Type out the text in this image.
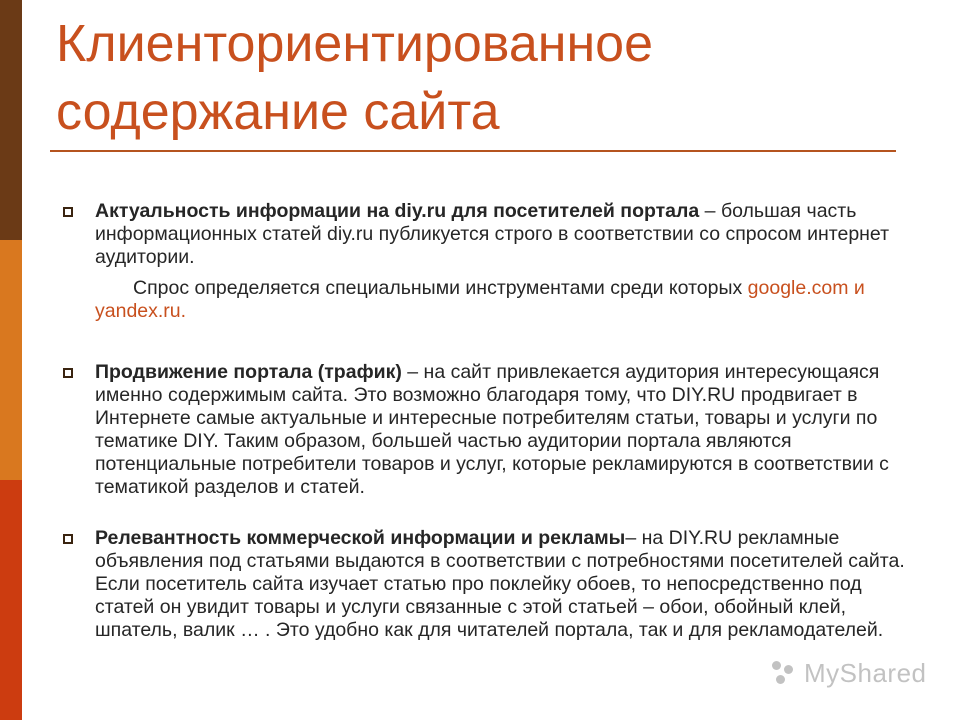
Клиенториентированное
содержание сайта
Актуальность информации на diy.ru для посетителей портала – большая часть информационных статей diy.ru публикуется строго в соответствии со спросом интернет аудитории.
Спрос определяется специальными инструментами среди которых google.com и yandex.ru.
Продвижение портала (трафик) – на сайт привлекается аудитория интересующаяся именно содержимым сайта. Это возможно благодаря тому, что DIY.RU продвигает в Интернете самые актуальные и интересные потребителям статьи, товары и услуги по тематике DIY. Таким образом, большей частью аудитории портала являются потенциальные потребители товаров и услуг, которые рекламируются в соответствии с тематикой разделов и статей.
Релевантность коммерческой информации и рекламы– на DIY.RU рекламные объявления под статьями выдаются в соответствии с потребностями посетителей сайта. Если посетитель сайта изучает статью про поклейку обоев, то непосредственно под статей он увидит товары и услуги связанные с этой статьей – обои, обойный клей, шпатель, валик … . Это удобно как для читателей портала, так и для рекламодателей.
MyShared
